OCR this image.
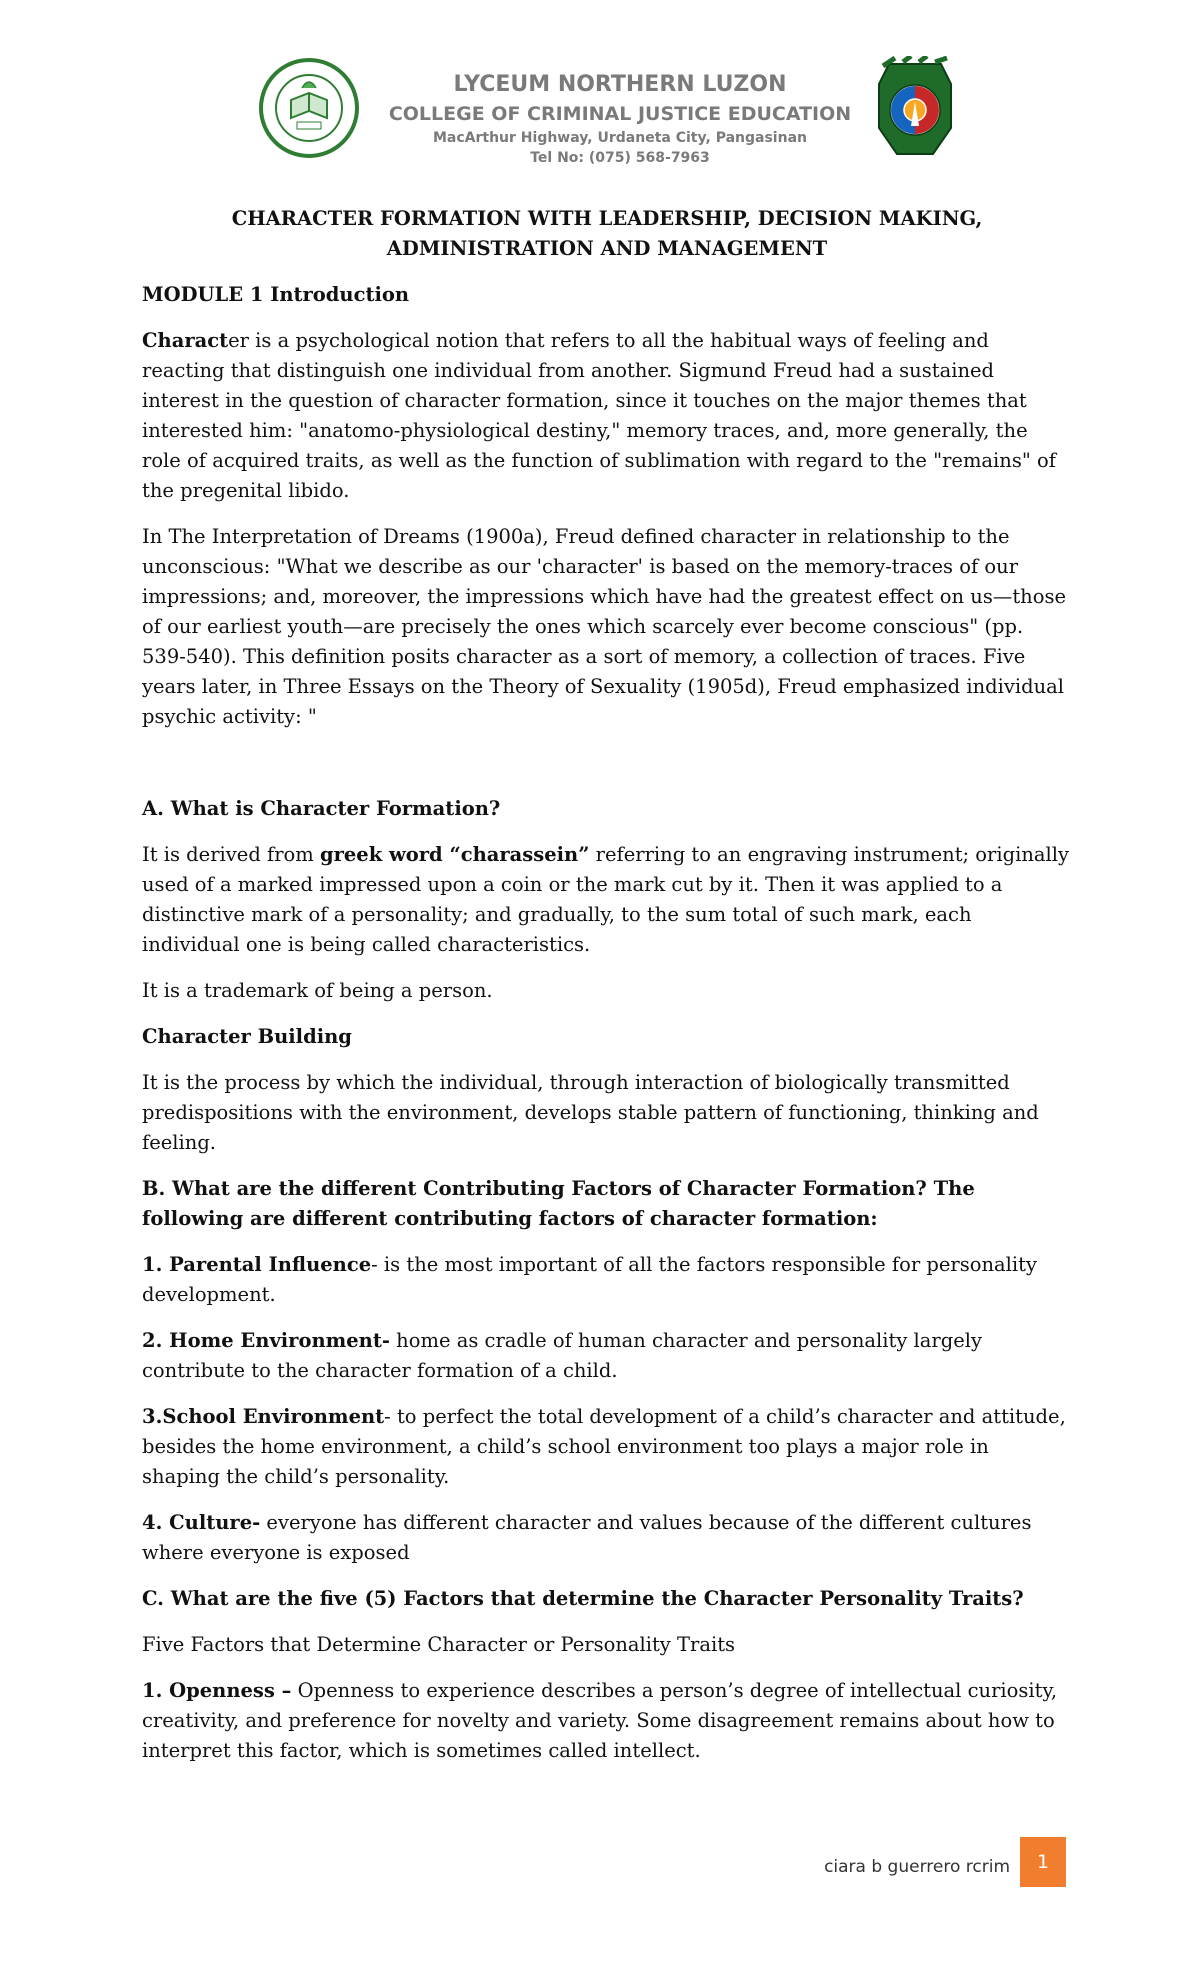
LYCEUM NORTHERN LUZON
COLLEGE OF CRIMINAL JUSTICE EDUCATION
MacArthur Highway, Urdaneta City, Pangasinan
Tel No: (075) 568-7963
CHARACTER FORMATION WITH LEADERSHIP, DECISION MAKING, ADMINISTRATION AND MANAGEMENT

MODULE 1 Introduction

Character is a psychological notion that refers to all the habitual ways of feeling and reacting that distinguish one individual from another. Sigmund Freud had a sustained interest in the question of character formation, since it touches on the major themes that interested him: "anatomo-physiological destiny," memory traces, and, more generally, the role of acquired traits, as well as the function of sublimation with regard to the "remains" of the pregenital libido.

In The Interpretation of Dreams (1900a), Freud defined character in relationship to the unconscious: "What we describe as our 'character' is based on the memory-traces of our impressions; and, moreover, the impressions which have had the greatest effect on us—those of our earliest youth—are precisely the ones which scarcely ever become conscious" (pp. 539-540). This definition posits character as a sort of memory, a collection of traces. Five years later, in Three Essays on the Theory of Sexuality (1905d), Freud emphasized individual psychic activity: "

A. What is Character Formation?

It is derived from greek word “charassein” referring to an engraving instrument; originally used of a marked impressed upon a coin or the mark cut by it. Then it was applied to a distinctive mark of a personality; and gradually, to the sum total of such mark, each individual one is being called characteristics.

It is a trademark of being a person.

Character Building

It is the process by which the individual, through interaction of biologically transmitted predispositions with the environment, develops stable pattern of functioning, thinking and feeling.

B. What are the different Contributing Factors of Character Formation? The following are different contributing factors of character formation:

1. Parental Influence- is the most important of all the factors responsible for personality development.

2. Home Environment- home as cradle of human character and personality largely contribute to the character formation of a child.

3.School Environment- to perfect the total development of a child’s character and attitude, besides the home environment, a child’s school environment too plays a major role in shaping the child’s personality.

4. Culture- everyone has different character and values because of the different cultures where everyone is exposed

C. What are the five (5) Factors that determine the Character Personality Traits?

Five Factors that Determine Character or Personality Traits

1. Openness – Openness to experience describes a person’s degree of intellectual curiosity, creativity, and preference for novelty and variety. Some disagreement remains about how to interpret this factor, which is sometimes called intellect.

ciara b guerrero rcrim	1
